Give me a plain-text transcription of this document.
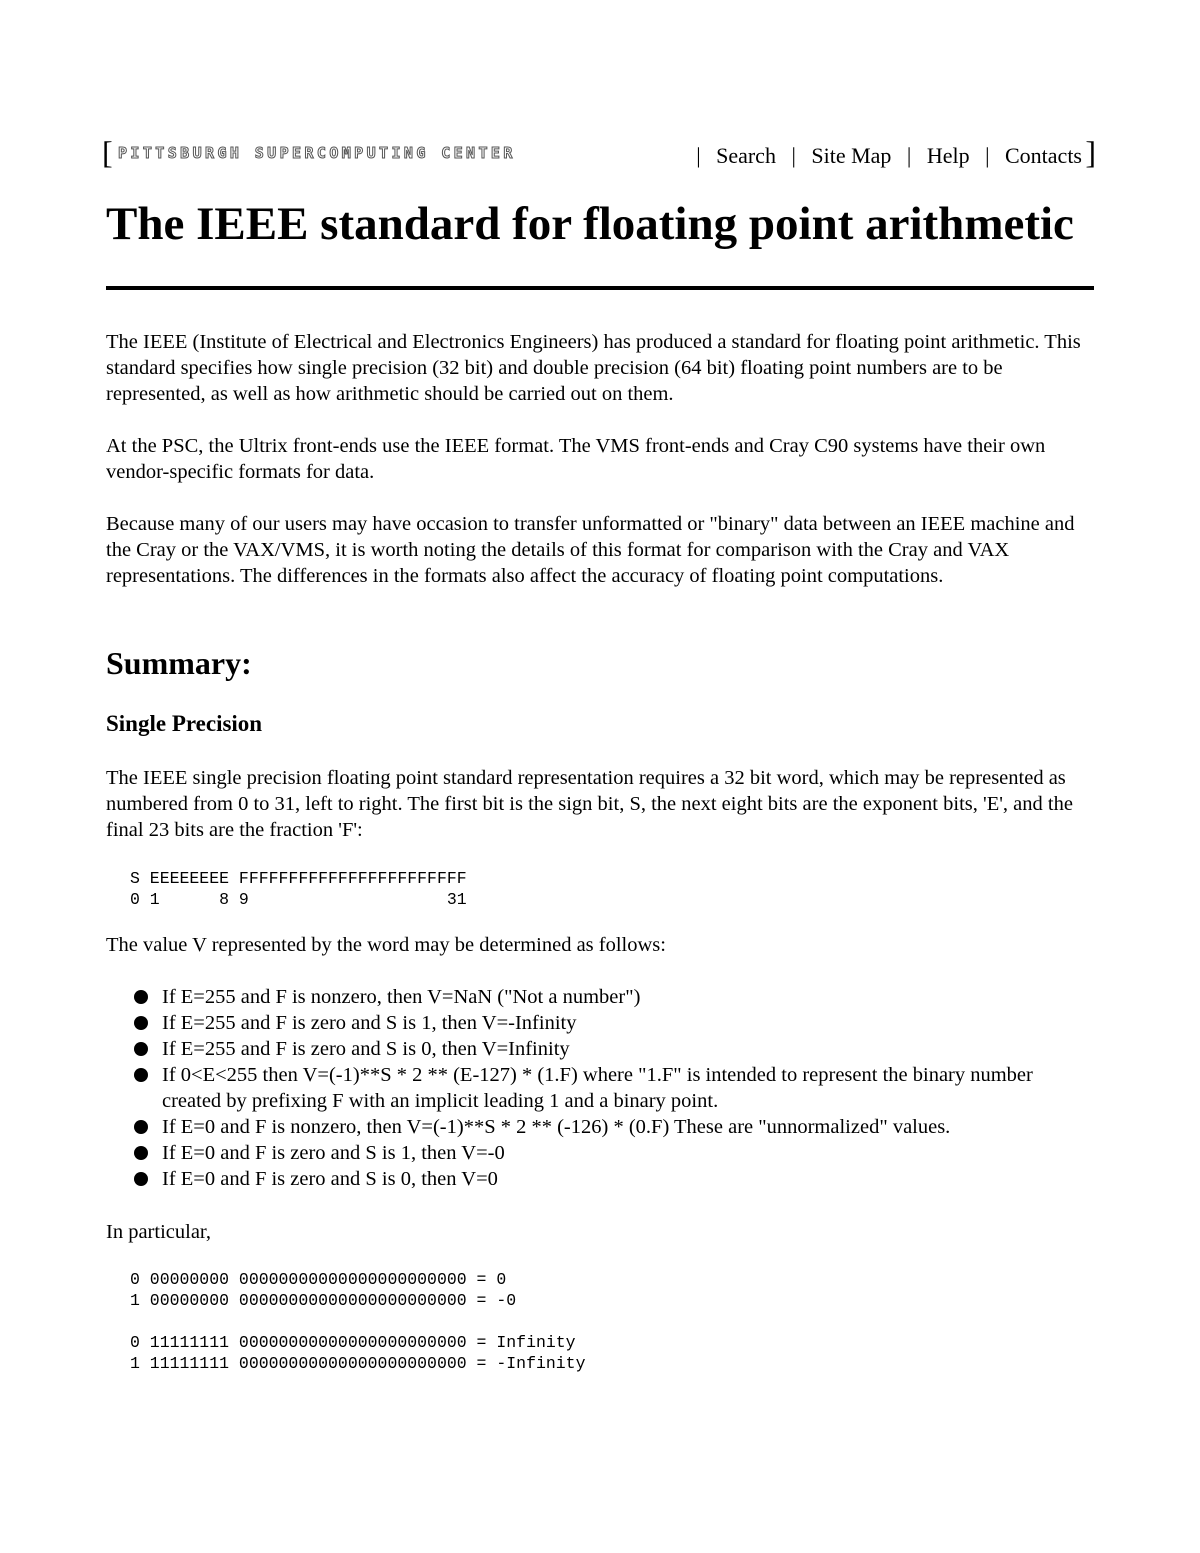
[ PITTSBURGH SUPERCOMPUTING CENTER	| Search | Site Map | Help | Contacts ]
The IEEE standard for floating point arithmetic

The IEEE (Institute of Electrical and Electronics Engineers) has produced a standard for floating point arithmetic. This standard specifies how single precision (32 bit) and double precision (64 bit) floating point numbers are to be represented, as well as how arithmetic should be carried out on them.

At the PSC, the Ultrix front-ends use the IEEE format. The VMS front-ends and Cray C90 systems have their own vendor-specific formats for data.

Because many of our users may have occasion to transfer unformatted or "binary" data between an IEEE machine and the Cray or the VAX/VMS, it is worth noting the details of this format for comparison with the Cray and VAX representations. The differences in the formats also affect the accuracy of floating point computations.

Summary:
Single Precision

The IEEE single precision floating point standard representation requires a 32 bit word, which may be represented as numbered from 0 to 31, left to right. The first bit is the sign bit, S, the next eight bits are the exponent bits, 'E', and the final 23 bits are the fraction 'F':

S EEEEEEEE FFFFFFFFFFFFFFFFFFFFFFF
0 1      8 9                    31

The value V represented by the word may be determined as follows:

If E=255 and F is nonzero, then V=NaN ("Not a number")
If E=255 and F is zero and S is 1, then V=-Infinity
If E=255 and F is zero and S is 0, then V=Infinity
If 0<E<255 then V=(-1)**S * 2 ** (E-127) * (1.F) where "1.F" is intended to represent the binary number created by prefixing F with an implicit leading 1 and a binary point.
If E=0 and F is nonzero, then V=(-1)**S * 2 ** (-126) * (0.F) These are "unnormalized" values.
If E=0 and F is zero and S is 1, then V=-0
If E=0 and F is zero and S is 0, then V=0

In particular,

0 00000000 00000000000000000000000 = 0
1 00000000 00000000000000000000000 = -0
0 11111111 00000000000000000000000 = Infinity
1 11111111 00000000000000000000000 = -Infinity
